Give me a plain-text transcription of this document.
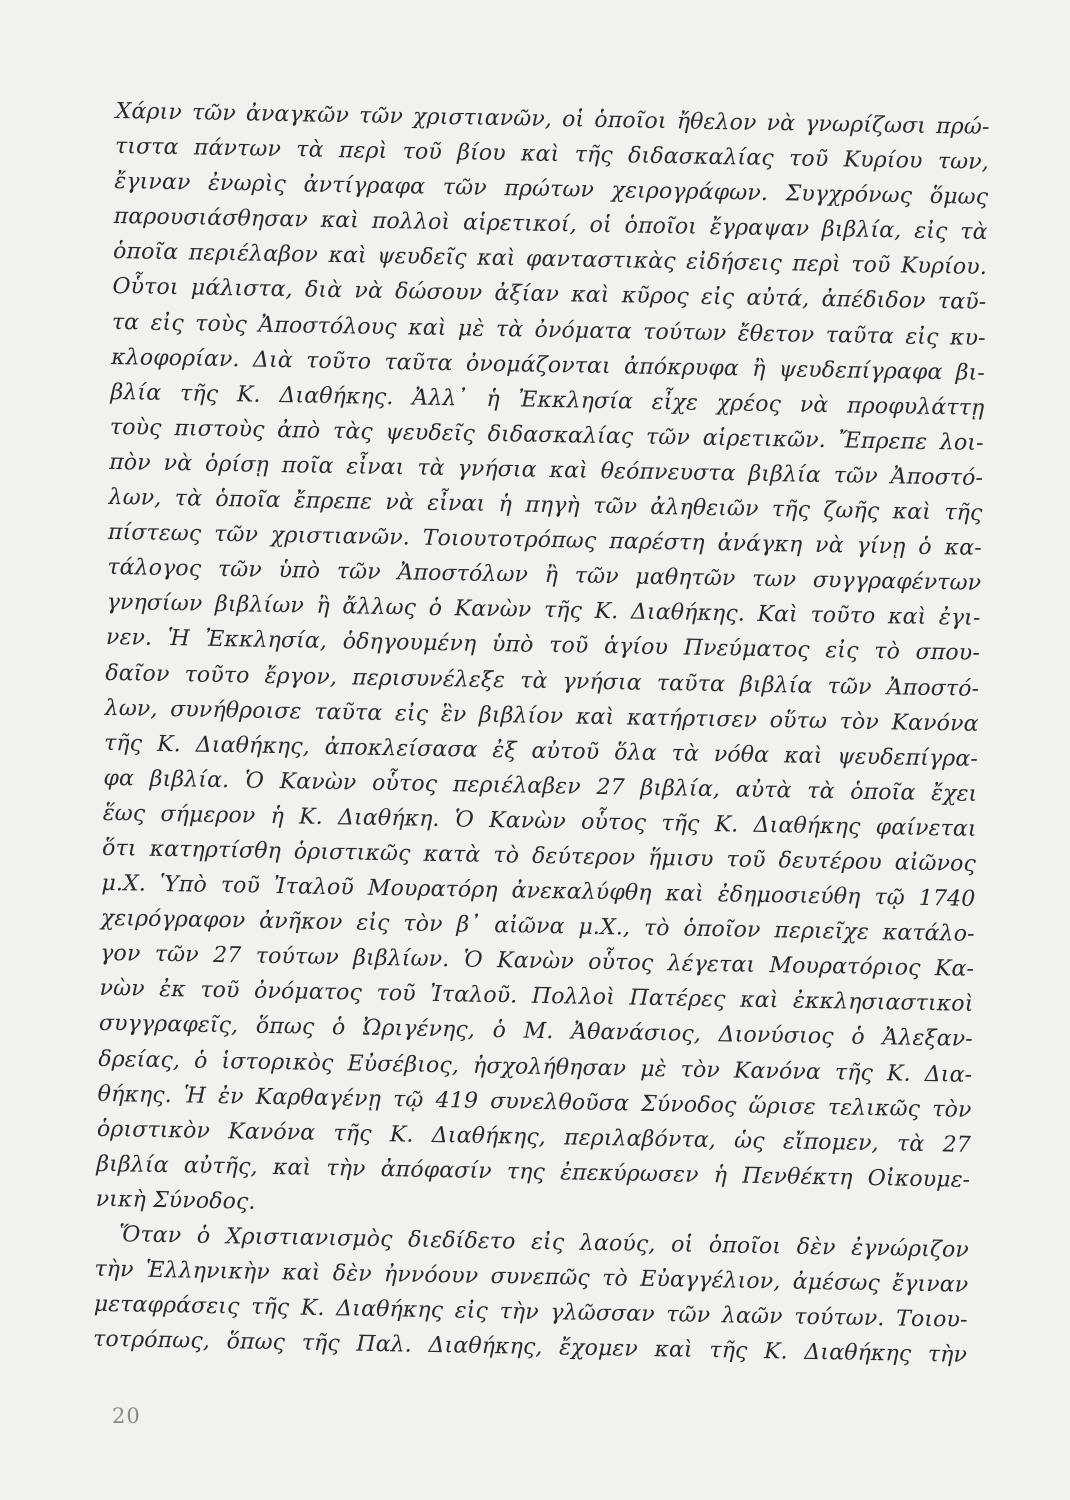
Χάριν τῶν ἀναγκῶν τῶν χριστιανῶν, οἱ ὁποῖοι ἤθελον νὰ γνωρίζωσι πρώ-
τιστα πάντων τὰ περὶ τοῦ βίου καὶ τῆς διδασκαλίας τοῦ Κυρίου των,
ἔγιναν ἐνωρὶς ἀντίγραφα τῶν πρώτων χειρογράφων. Συγχρόνως ὅμως
παρουσιάσθησαν καὶ πολλοὶ αἱρετικοί, οἱ ὁποῖοι ἔγραψαν βιβλία, εἰς τὰ
ὁποῖα περιέλαβον καὶ ψευδεῖς καὶ φανταστικὰς εἰδήσεις περὶ τοῦ Κυρίου.
Οὗτοι μάλιστα, διὰ νὰ δώσουν ἀξίαν καὶ κῦρος εἰς αὐτά, ἀπέδιδον ταῦ-
τα εἰς τοὺς Ἀποστόλους καὶ μὲ τὰ ὀνόματα τούτων ἔθετον ταῦτα εἰς κυ-
κλοφορίαν. Διὰ τοῦτο ταῦτα ὀνομάζονται ἀπόκρυφα ἢ ψευδεπίγραφα βι-
βλία τῆς Κ. Διαθήκης. Ἀλλ᾽ ἡ Ἐκκλησία εἶχε χρέος νὰ προφυλάττῃ
τοὺς πιστοὺς ἀπὸ τὰς ψευδεῖς διδασκαλίας τῶν αἱρετικῶν. Ἔπρεπε λοι-
πὸν νὰ ὁρίσῃ ποῖα εἶναι τὰ γνήσια καὶ θεόπνευστα βιβλία τῶν Ἀποστό-
λων, τὰ ὁποῖα ἔπρεπε νὰ εἶναι ἡ πηγὴ τῶν ἀληθειῶν τῆς ζωῆς καὶ τῆς
πίστεως τῶν χριστιανῶν. Τοιουτοτρόπως παρέστη ἀνάγκη νὰ γίνῃ ὁ κα-
τάλογος τῶν ὑπὸ τῶν Ἀποστόλων ἢ τῶν μαθητῶν των συγγραφέντων
γνησίων βιβλίων ἢ ἄλλως ὁ Κανὼν τῆς Κ. Διαθήκης. Καὶ τοῦτο καὶ ἐγι-
νεν. Ἡ Ἐκκλησία, ὁδηγουμένη ὑπὸ τοῦ ἁγίου Πνεύματος εἰς τὸ σπου-
δαῖον τοῦτο ἔργον, περισυνέλεξε τὰ γνήσια ταῦτα βιβλία τῶν Ἀποστό-
λων, συνήθροισε ταῦτα εἰς ἓν βιβλίον καὶ κατήρτισεν οὕτω τὸν Κανόνα
τῆς Κ. Διαθήκης, ἀποκλείσασα ἐξ αὐτοῦ ὅλα τὰ νόθα καὶ ψευδεπίγρα-
φα βιβλία. Ὁ Κανὼν οὗτος περιέλαβεν 27 βιβλία, αὐτὰ τὰ ὁποῖα ἔχει
ἕως σήμερον ἡ Κ. Διαθήκη. Ὁ Κανὼν οὗτος τῆς Κ. Διαθήκης φαίνεται
ὅτι κατηρτίσθη ὁριστικῶς κατὰ τὸ δεύτερον ἥμισυ τοῦ δευτέρου αἰῶνος
μ.Χ. Ὑπὸ τοῦ Ἰταλοῦ Μουρατόρη ἀνεκαλύφθη καὶ ἐδημοσιεύθη τῷ 1740
χειρόγραφον ἀνῆκον εἰς τὸν β᾽ αἰῶνα μ.Χ., τὸ ὁποῖον περιεῖχε κατάλο-
γον τῶν 27 τούτων βιβλίων. Ὁ Κανὼν οὗτος λέγεται Μουρατόριος Κα-
νὼν ἐκ τοῦ ὀνόματος τοῦ Ἰταλοῦ. Πολλοὶ Πατέρες καὶ ἐκκλησιαστικοὶ
συγγραφεῖς, ὅπως ὁ Ὠριγένης, ὁ Μ. Ἀθανάσιος, Διονύσιος ὁ Ἀλεξαν-
δρείας, ὁ ἱστορικὸς Εὐσέβιος, ἠσχολήθησαν μὲ τὸν Κανόνα τῆς Κ. Δια-
θήκης. Ἡ ἐν Καρθαγένῃ τῷ 419 συνελθοῦσα Σύνοδος ὥρισε τελικῶς τὸν
ὁριστικὸν Κανόνα τῆς Κ. Διαθήκης, περιλαβόντα, ὡς εἴπομεν, τὰ 27
βιβλία αὐτῆς, καὶ τὴν ἀπόφασίν της ἐπεκύρωσεν ἡ Πενθέκτη Οἰκουμε-
νικὴ Σύνοδος.
Ὅταν ὁ Χριστιανισμὸς διεδίδετο εἰς λαούς, οἱ ὁποῖοι δὲν ἐγνώριζον
τὴν Ἑλληνικὴν καὶ δὲν ἠννόουν συνεπῶς τὸ Εὐαγγέλιον, ἀμέσως ἔγιναν
μεταφράσεις τῆς Κ. Διαθήκης εἰς τὴν γλῶσσαν τῶν λαῶν τούτων. Τοιου-
τοτρόπως, ὅπως τῆς Παλ. Διαθήκης, ἔχομεν καὶ τῆς Κ. Διαθήκης τὴν
20
